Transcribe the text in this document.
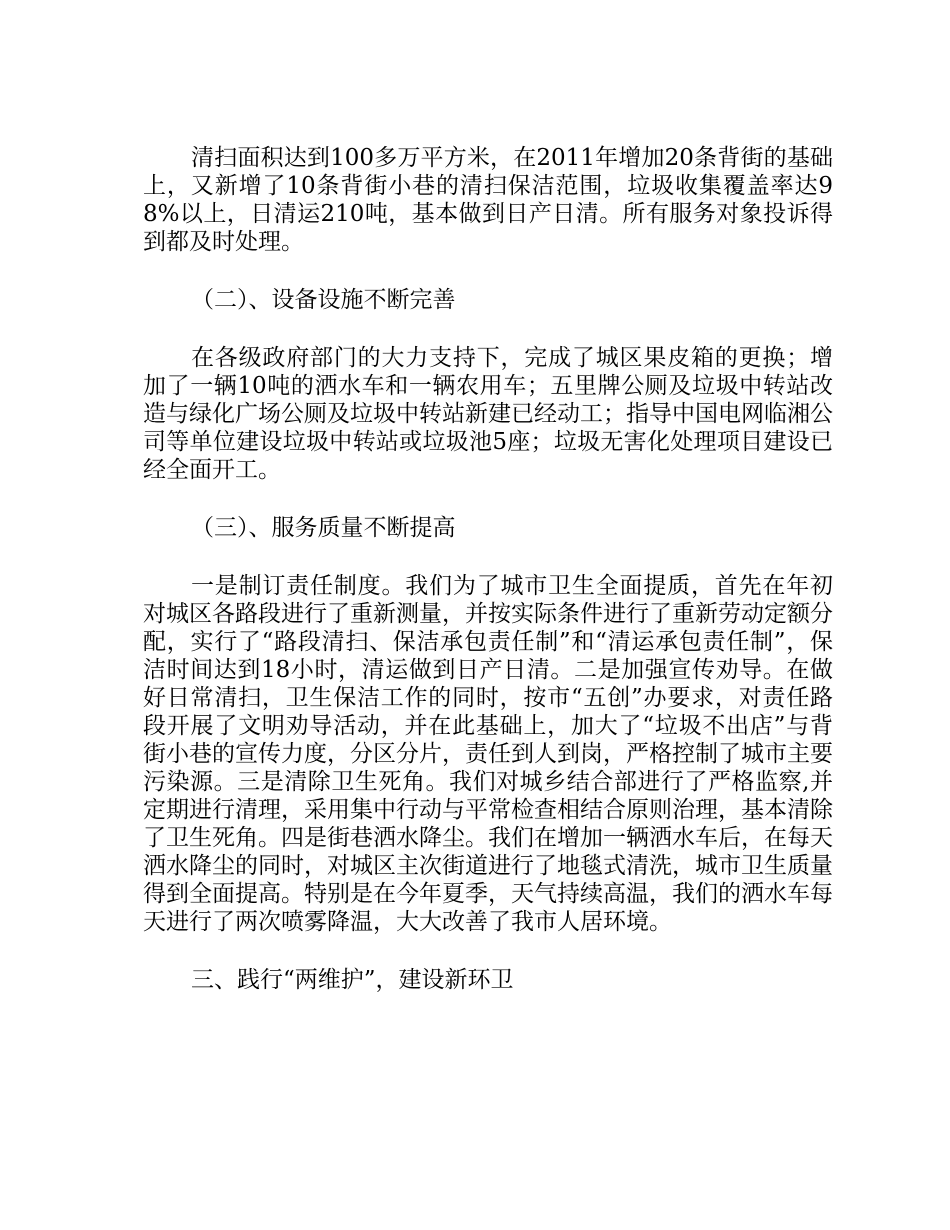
清扫面积达到100多万平方米，在2011年增加20条背街的基础上，又新增了10条背街小巷的清扫保洁范围，垃圾收集覆盖率达98%以上，日清运210吨，基本做到日产日清。所有服务对象投诉得到都及时处理。

（二）、设备设施不断完善

在各级政府部门的大力支持下，完成了城区果皮箱的更换；增加了一辆10吨的洒水车和一辆农用车；五里牌公厕及垃圾中转站改造与绿化广场公厕及垃圾中转站新建已经动工；指导中国电网临湘公司等单位建设垃圾中转站或垃圾池5座；垃圾无害化处理项目建设已经全面开工。

（三）、服务质量不断提高

一是制订责任制度。我们为了城市卫生全面提质，首先在年初对城区各路段进行了重新测量，并按实际条件进行了重新劳动定额分配，实行了“路段清扫、保洁承包责任制”和“清运承包责任制”，保洁时间达到18小时，清运做到日产日清。二是加强宣传劝导。在做好日常清扫，卫生保洁工作的同时，按市“五创”办要求，对责任路段开展了文明劝导活动，并在此基础上，加大了“垃圾不出店”与背街小巷的宣传力度，分区分片，责任到人到岗，严格控制了城市主要污染源。三是清除卫生死角。我们对城乡结合部进行了严格监察,并定期进行清理，采用集中行动与平常检查相结合原则治理，基本清除了卫生死角。四是街巷洒水降尘。我们在增加一辆洒水车后，在每天洒水降尘的同时，对城区主次街道进行了地毯式清洗，城市卫生质量得到全面提高。特别是在今年夏季，天气持续高温，我们的洒水车每天进行了两次喷雾降温，大大改善了我市人居环境。

三、践行“两维护”，建设新环卫
